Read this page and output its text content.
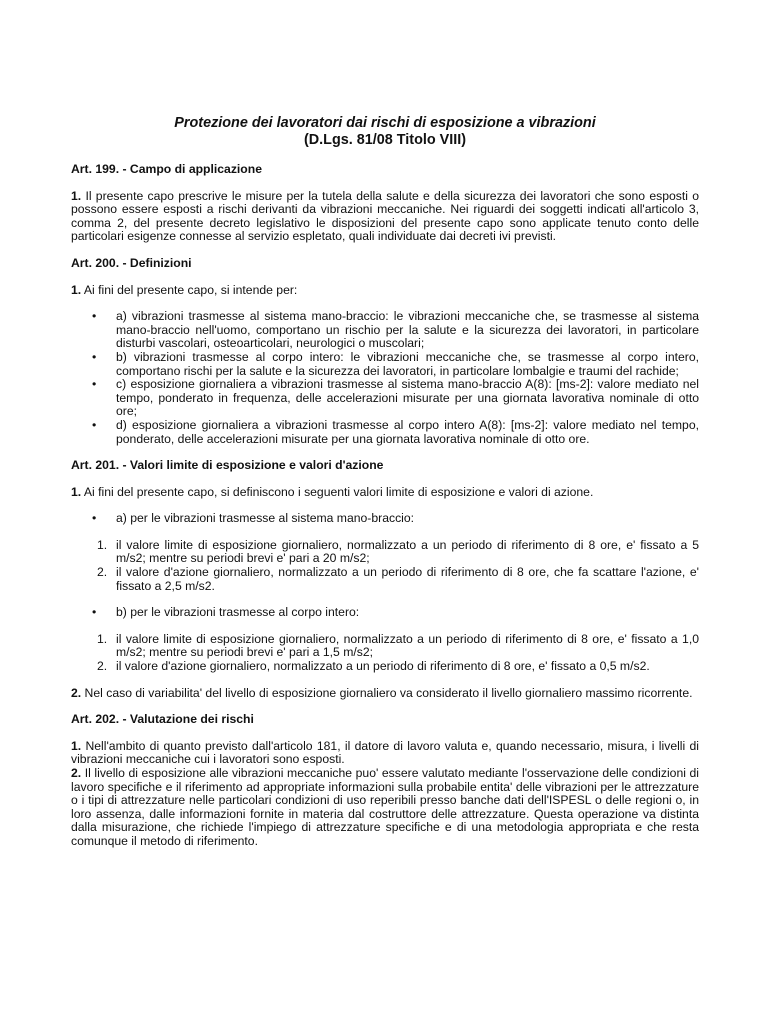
Protezione dei lavoratori dai rischi di esposizione a vibrazioni
(D.Lgs. 81/08 Titolo VIII)
Art. 199. - Campo di applicazione

1. Il presente capo prescrive le misure per la tutela della salute e della sicurezza dei lavoratori che sono esposti o possono essere esposti a rischi derivanti da vibrazioni meccaniche. Nei riguardi dei soggetti indicati all'articolo 3, comma 2, del presente decreto legislativo le disposizioni del presente capo sono applicate tenuto conto delle particolari esigenze connesse al servizio espletato, quali individuate dai decreti ivi previsti.

Art. 200. - Definizioni

1. Ai fini del presente capo, si intende per:

• a) vibrazioni trasmesse al sistema mano-braccio: le vibrazioni meccaniche che, se trasmesse al sistema mano-braccio nell'uomo, comportano un rischio per la salute e la sicurezza dei lavoratori, in particolare disturbi vascolari, osteoarticolari, neurologici o muscolari;
• b) vibrazioni trasmesse al corpo intero: le vibrazioni meccaniche che, se trasmesse al corpo intero, comportano rischi per la salute e la sicurezza dei lavoratori, in particolare lombalgie e traumi del rachide;
• c) esposizione giornaliera a vibrazioni trasmesse al sistema mano-braccio A(8): [ms-2]: valore mediato nel tempo, ponderato in frequenza, delle accelerazioni misurate per una giornata lavorativa nominale di otto ore;
• d) esposizione giornaliera a vibrazioni trasmesse al corpo intero A(8): [ms-2]: valore mediato nel tempo, ponderato, delle accelerazioni misurate per una giornata lavorativa nominale di otto ore.
Art. 201. - Valori limite di esposizione e valori d'azione

1. Ai fini del presente capo, si definiscono i seguenti valori limite di esposizione e valori di azione.

• a) per le vibrazioni trasmesse al sistema mano-braccio:
1. il valore limite di esposizione giornaliero, normalizzato a un periodo di riferimento di 8 ore, e' fissato a 5 m/s2; mentre su periodi brevi e' pari a 20 m/s2;
2. il valore d'azione giornaliero, normalizzato a un periodo di riferimento di 8 ore, che fa scattare l'azione, e' fissato a 2,5 m/s2.
• b) per le vibrazioni trasmesse al corpo intero:
1. il valore limite di esposizione giornaliero, normalizzato a un periodo di riferimento di 8 ore, e' fissato a 1,0 m/s2; mentre su periodi brevi e' pari a 1,5 m/s2;
2. il valore d'azione giornaliero, normalizzato a un periodo di riferimento di 8 ore, e' fissato a 0,5 m/s2.

2. Nel caso di variabilita' del livello di esposizione giornaliero va considerato il livello giornaliero massimo ricorrente.

Art. 202. - Valutazione dei rischi

1. Nell'ambito di quanto previsto dall'articolo 181, il datore di lavoro valuta e, quando necessario, misura, i livelli di vibrazioni meccaniche cui i lavoratori sono esposti.

2. Il livello di esposizione alle vibrazioni meccaniche puo' essere valutato mediante l'osservazione delle condizioni di lavoro specifiche e il riferimento ad appropriate informazioni sulla probabile entita' delle vibrazioni per le attrezzature o i tipi di attrezzature nelle particolari condizioni di uso reperibili presso banche dati dell'ISPESL o delle regioni o, in loro assenza, dalle informazioni fornite in materia dal costruttore delle attrezzature. Questa operazione va distinta dalla misurazione, che richiede l'impiego di attrezzature specifiche e di una metodologia appropriata e che resta comunque il metodo di riferimento.
